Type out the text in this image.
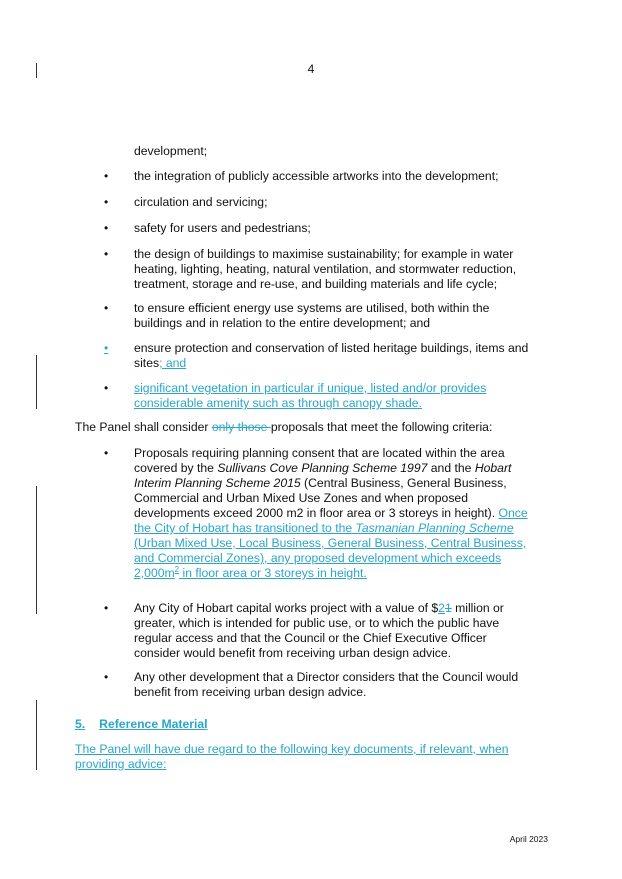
4
development;
• the integration of publicly accessible artworks into the development;
• circulation and servicing;
• safety for users and pedestrians;
• the design of buildings to maximise sustainability; for example in water heating, lighting, heating, natural ventilation, and stormwater reduction, treatment, storage and re-use, and building materials and life cycle;
• to ensure efficient energy use systems are utilised, both within the buildings and in relation to the entire development; and
• ensure protection and conservation of listed heritage buildings, items and sites; and
• significant vegetation in particular if unique, listed and/or provides considerable amenity such as through canopy shade.
The Panel shall consider only those proposals that meet the following criteria:
• Proposals requiring planning consent that are located within the area covered by the Sullivans Cove Planning Scheme 1997 and the Hobart Interim Planning Scheme 2015 (Central Business, General Business, Commercial and Urban Mixed Use Zones and when proposed developments exceed 2000 m2 in floor area or 3 storeys in height). Once the City of Hobart has transitioned to the Tasmanian Planning Scheme (Urban Mixed Use, Local Business, General Business, Central Business, and Commercial Zones), any proposed development which exceeds $2,000m^2$ in floor area or 3 storeys in height.
• Any City of Hobart capital works project with a value of $21 million or greater, which is intended for public use, or to which the public have regular access and that the Council or the Chief Executive Officer consider would benefit from receiving urban design advice.
• Any other development that a Director considers that the Council would benefit from receiving urban design advice.
5. Reference Material
The Panel will have due regard to the following key documents, if relevant, when providing advice:
April 2023
